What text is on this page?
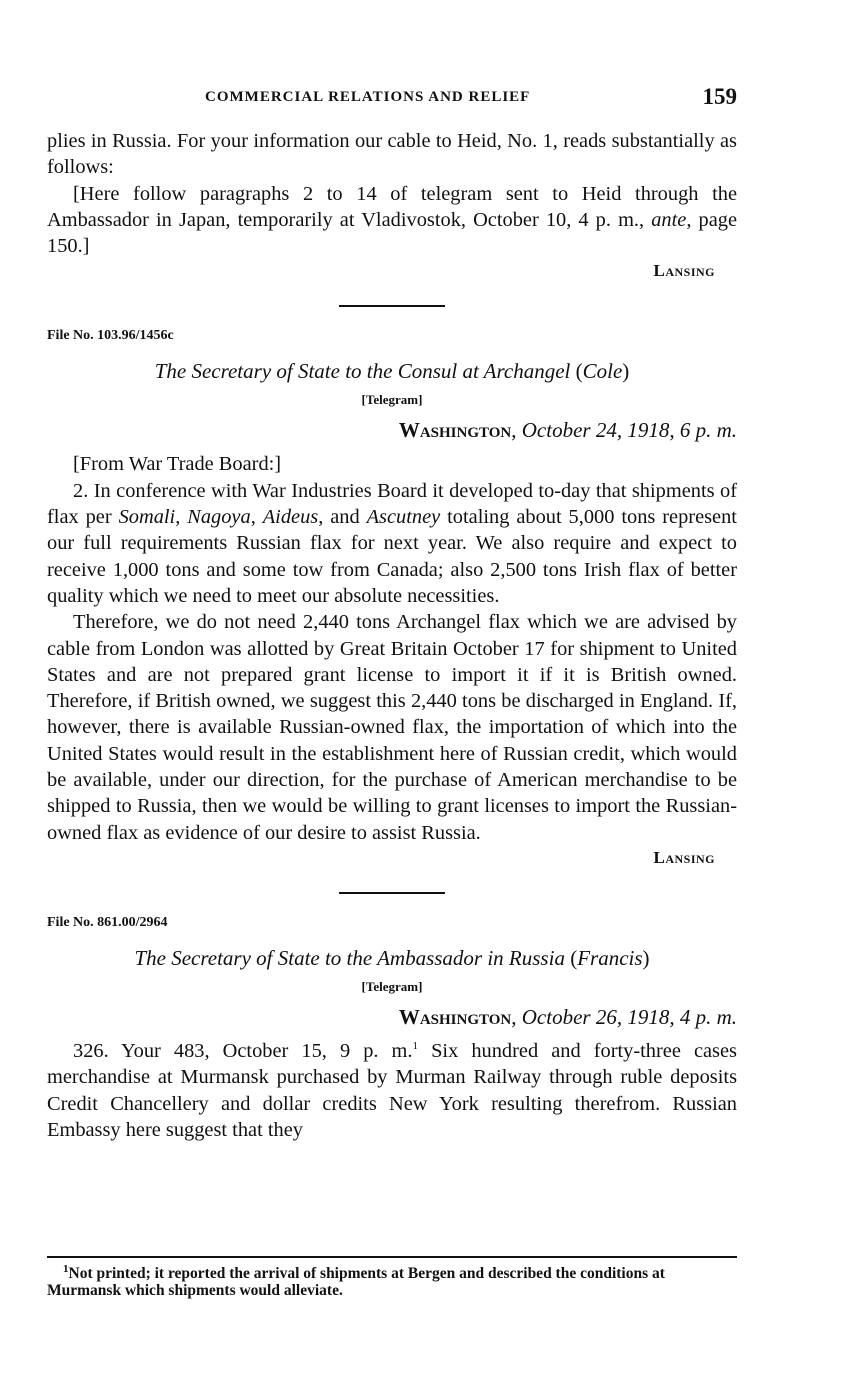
COMMERCIAL RELATIONS AND RELIEF	159

plies in Russia. For your information our cable to Heid, No. 1, reads substantially as follows:

[Here follow paragraphs 2 to 14 of telegram sent to Heid through the Ambassador in Japan, temporarily at Vladivostok, October 10, 4 p. m., ante, page 150.]

Lansing
File No. 103.96/1456c
The Secretary of State to the Consul at Archangel (Cole)
[Telegram]
Washington, October 24, 1918, 6 p. m.

[From War Trade Board:]

2. In conference with War Industries Board it developed to-day that shipments of flax per Somali, Nagoya, Aideus, and Ascutney totaling about 5,000 tons represent our full requirements Russian flax for next year. We also require and expect to receive 1,000 tons and some tow from Canada; also 2,500 tons Irish flax of better quality which we need to meet our absolute necessities.

Therefore, we do not need 2,440 tons Archangel flax which we are advised by cable from London was allotted by Great Britain October 17 for shipment to United States and are not prepared grant license to import it if it is British owned. Therefore, if British owned, we suggest this 2,440 tons be discharged in England. If, however, there is available Russian-owned flax, the importation of which into the United States would result in the establishment here of Russian credit, which would be available, under our direction, for the purchase of American merchandise to be shipped to Russia, then we would be willing to grant licenses to import the Russian-owned flax as evidence of our desire to assist Russia.

Lansing
File No. 861.00/2964
The Secretary of State to the Ambassador in Russia (Francis)
[Telegram]
Washington, October 26, 1918, 4 p. m.

326. Your 483, October 15, 9 p. m.$^1$ Six hundred and forty-three cases merchandise at Murmansk purchased by Murman Railway through ruble deposits Credit Chancellery and dollar credits New York resulting therefrom. Russian Embassy here suggest that they

$^1$Not printed; it reported the arrival of shipments at Bergen and described the conditions at Murmansk which shipments would alleviate.
